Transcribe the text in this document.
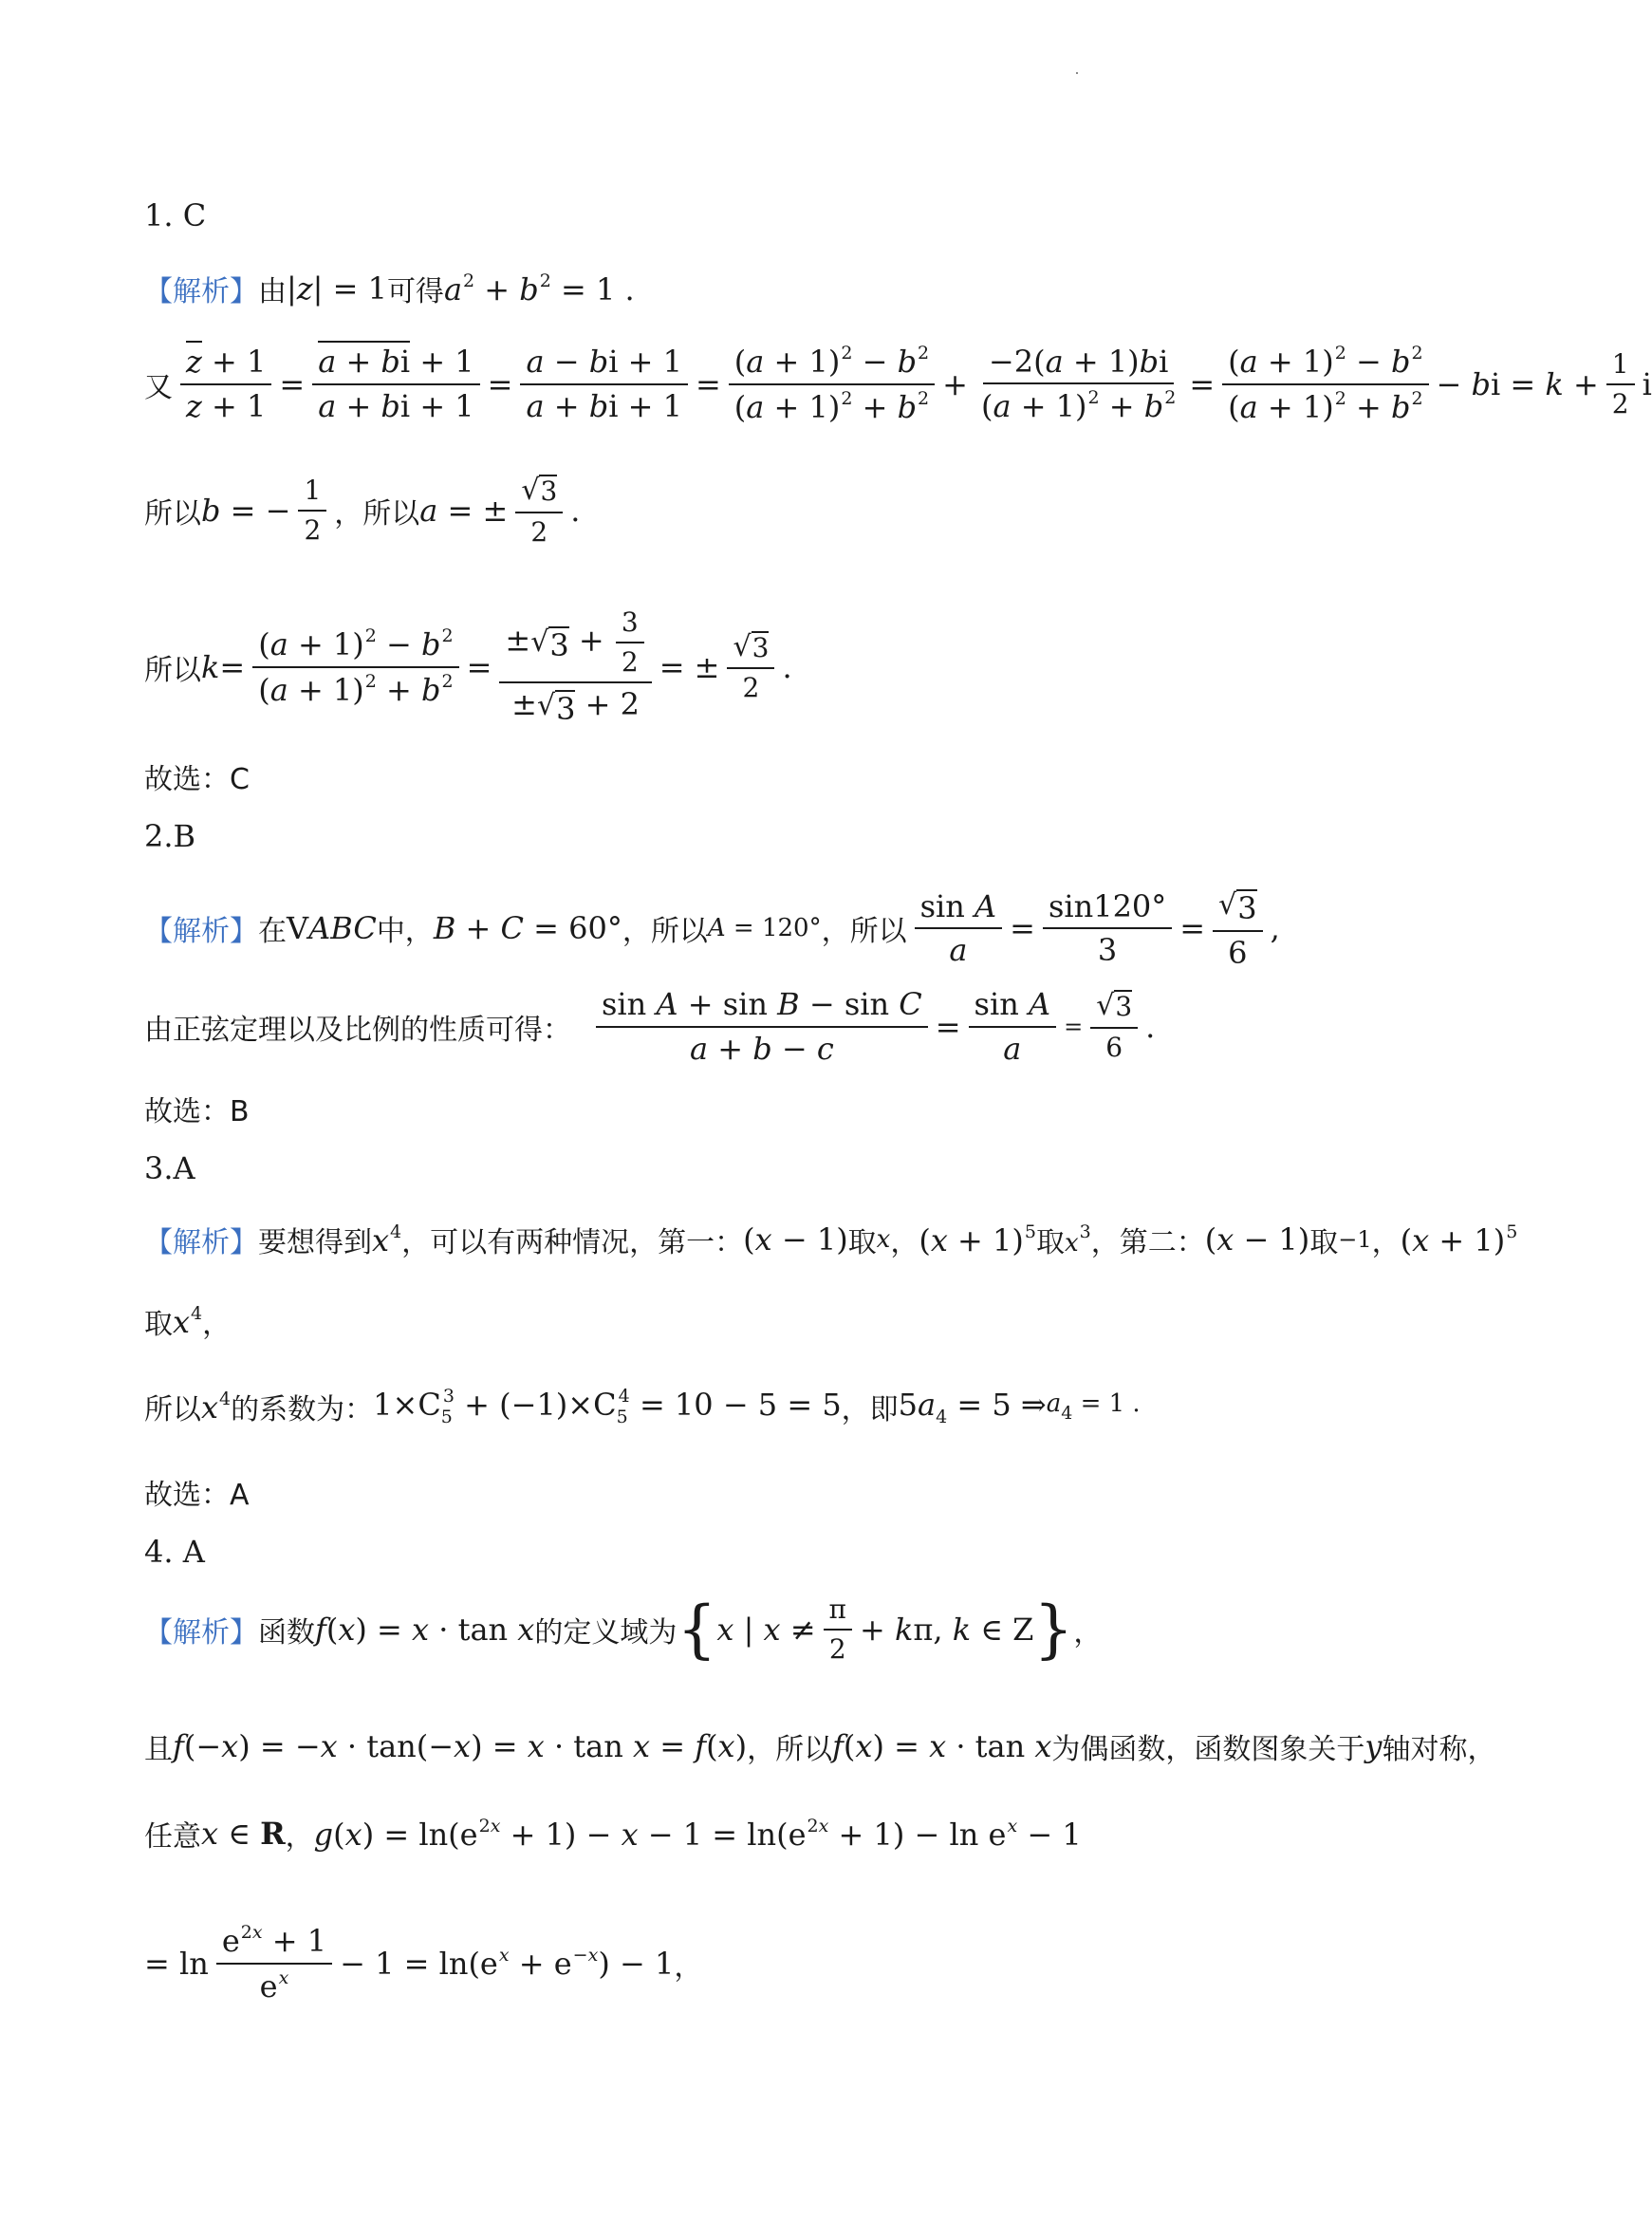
1. C
【解析】 由 |z| = 1 可得 $a^2 + b^2 = 1$ .
又 $\frac{z + 1}{z + 1} = \frac{a + bi + 1}{a + bi + 1} = \frac{a - bi + 1}{a + bi + 1} = \frac{(a + 1)^2 - b^2}{(a + 1)^2 + b^2} + \frac{-2(a + 1)bi}{(a + 1)^2 + b^2} = \frac{(a + 1)^2 - b^2}{(a + 1)^2 + b^2}$ − bi = $k + \frac{1}{2}$ i
所以 b = − $\frac{1}{2}$ ，所以 a = ± $\frac{√ 3}{2}$ .
所以 $k = \frac{(a + 1)^2 - b^2}{(a + 1)^2 + b^2} = \frac{\pm √ 3 + \frac{3}{2}}{\pm √ 3 + 2}$ = ± $\frac{√ 3}{2}$ .
故选：C
2.B
【解析】 在 VABC 中， B + C = 60° ，所以 A = 120° ，所以 $\frac{\text{sin A}}{a} = \frac{\sin 120^\circ}{3} = \frac{√ 3}{6}$ ,
由正弦定理以及比例的性质可得： $\frac{\text{sin A + sin B − sin C}}{a + b - c} = \frac{\text{sin A}}{a} = \frac{√ 3}{6}$ .
故选：B
3.A
【解析】 要想得到 $x^4$ ，可以有两种情况，第一： (x − 1) 取 x ， $(x + 1)^5$ 取 $x^3$ ，第二： (x − 1) 取 −1 ， $(x + 1)^5$
取 $x^4$ ，
所以 $x^4$ 的系数为： $1\times C_5^3 + (-1)\times C_5^4 = 10 - 5 = 5$ ，即 $5a_4 = 5$ ⇒ $a_4 = 1$ .
故选：A
4. A
【解析】 函数 f(x) = x · tan x 的定义域为 { x | $x \ne \frac{\pi}{2} + k\pi$, k ∈ Z } ，
且 f(−x) = −x · tan(−x) = x · tan x = f(x) ，所以 f(x) = x · tan x 为偶函数，函数图象关于 y 轴对称，
任意 x ∈ R ， $g(x) = \ln(e^{2x} + 1) - x - 1 = \ln(e^{2x} + 1) - \ln e^x - 1$
= $\ln \frac{e^{2x} + 1}{e^x} - 1 = \ln(e^x + e^{-x}) - 1$ ，
